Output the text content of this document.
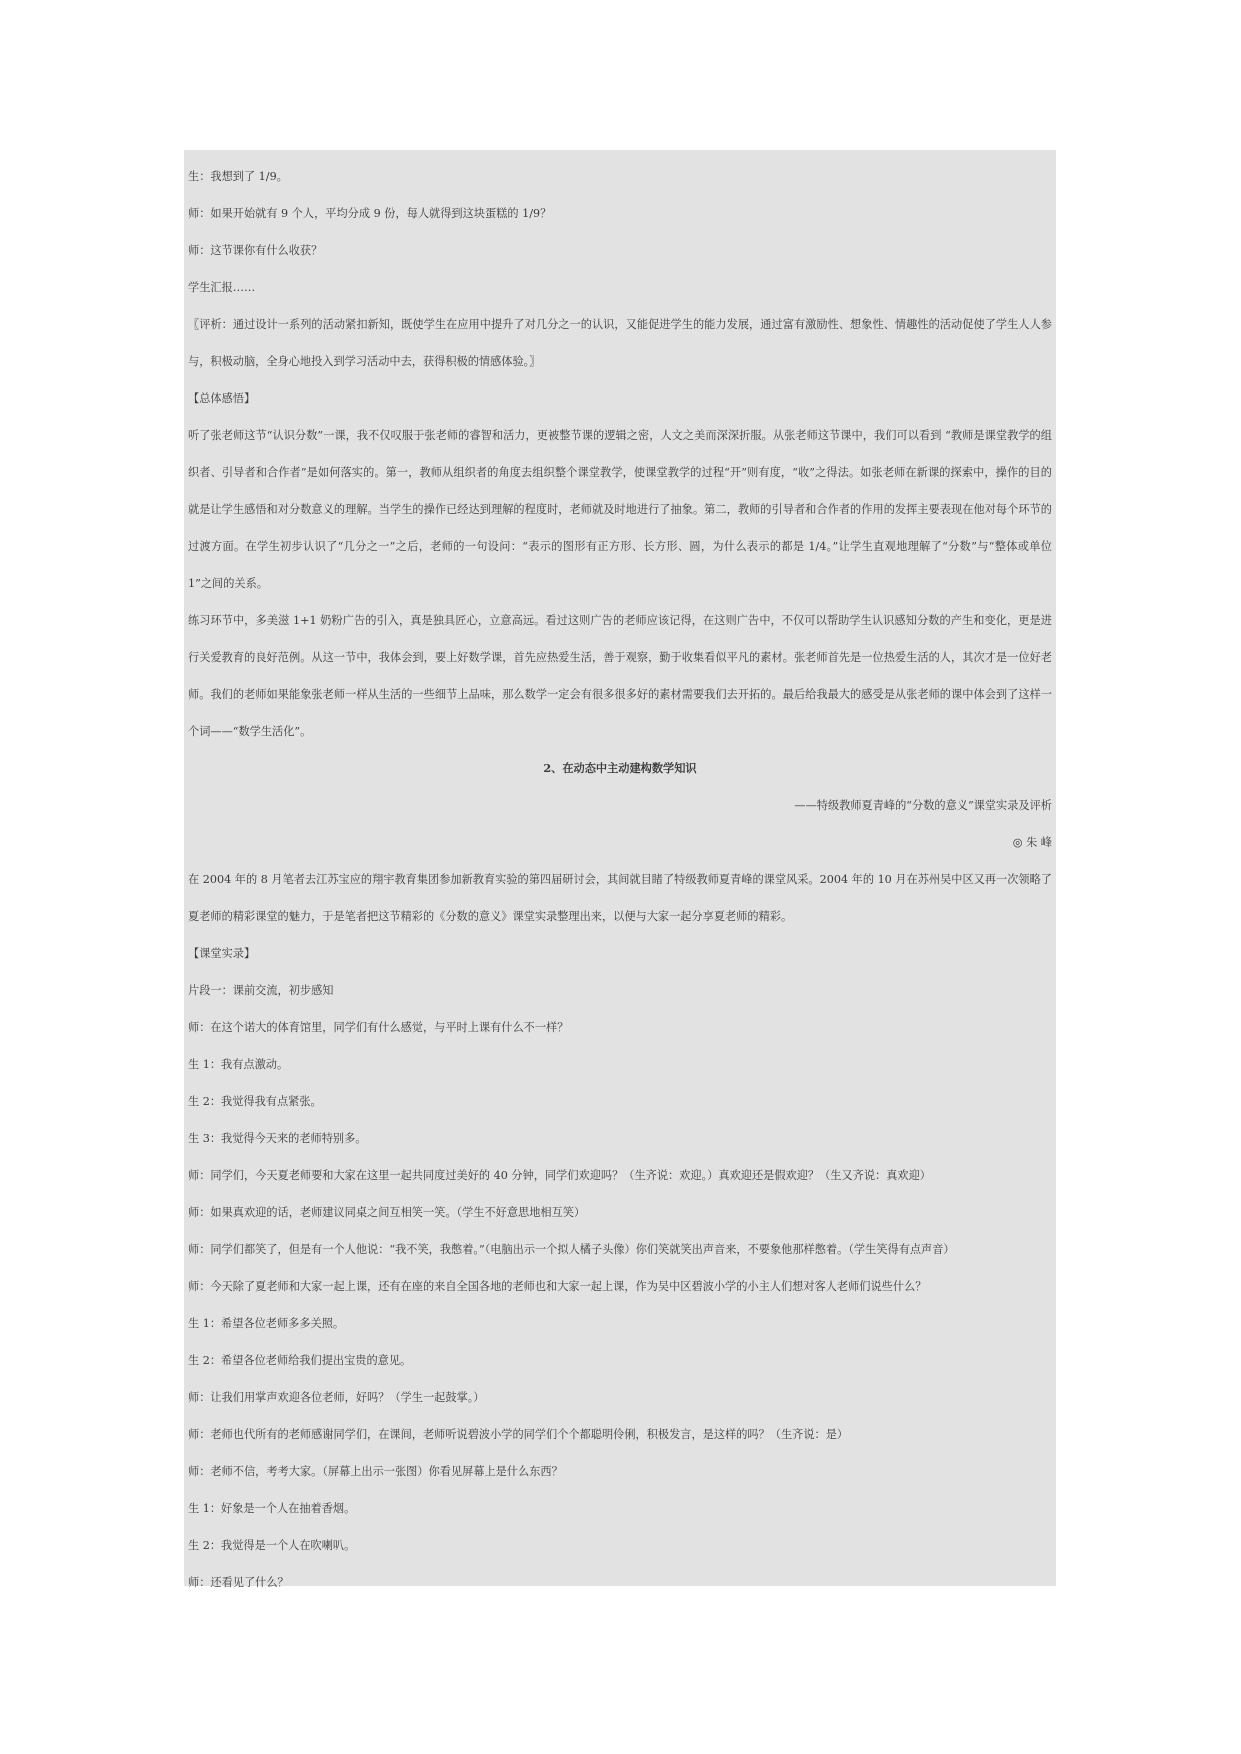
生：我想到了 1/9。

师：如果开始就有 9 个人，平均分成 9 份，每人就得到这块蛋糕的 1/9？

师：这节课你有什么收获？

学生汇报……

〖评析：通过设计一系列的活动紧扣新知，既使学生在应用中提升了对几分之一的认识，又能促进学生的能力发展，通过富有激励性、想象性、情趣性的活动促使了学生人人参与，积极动脑，全身心地投入到学习活动中去，获得积极的情感体验。〗

【总体感悟】

听了张老师这节“认识分数”一课，我不仅叹服于张老师的睿智和活力，更被整节课的逻辑之密，人文之美而深深折服。从张老师这节课中，我们可以看到 “教师是课堂教学的组织者、引导者和合作者”是如何落实的。第一，教师从组织者的角度去组织整个课堂教学，使课堂教学的过程“开”则有度，“收”之得法。如张老师在新课的探索中，操作的目的就是让学生感悟和对分数意义的理解。当学生的操作已经达到理解的程度时，老师就及时地进行了抽象。第二，教师的引导者和合作者的作用的发挥主要表现在他对每个环节的过渡方面。在学生初步认识了“几分之一”之后，老师的一句设问：“表示的图形有正方形、长方形、圆，为什么表示的都是 1/4。”让学生直观地理解了“分数”与“整体或单位 1”之间的关系。

练习环节中，多美滋 1+1 奶粉广告的引入，真是独具匠心，立意高远。看过这则广告的老师应该记得，在这则广告中，不仅可以帮助学生认识感知分数的产生和变化，更是进行关爱教育的良好范例。从这一节中，我体会到，要上好数学课，首先应热爱生活，善于观察，勤于收集看似平凡的素材。张老师首先是一位热爱生活的人，其次才是一位好老师。我们的老师如果能象张老师一样从生活的一些细节上品味，那么数学一定会有很多很多好的素材需要我们去开拓的。最后给我最大的感受是从张老师的课中体会到了这样一个词——“数学生活化”。

2、在动态中主动建构数学知识

——特级教师夏青峰的“分数的意义”课堂实录及评析

◎ 朱 峰

在 2004 年的 8 月笔者去江苏宝应的翔宇教育集团参加新教育实验的第四届研讨会，其间就目睹了特级教师夏青峰的课堂风采。2004 年的 10 月在苏州吴中区又再一次领略了夏老师的精彩课堂的魅力，于是笔者把这节精彩的《分数的意义》课堂实录整理出来，以便与大家一起分享夏老师的精彩。

【课堂实录】

片段一：课前交流，初步感知

师：在这个诺大的体育馆里，同学们有什么感觉，与平时上课有什么不一样？

生 1：我有点激动。

生 2：我觉得我有点紧张。

生 3：我觉得今天来的老师特别多。

师：同学们，今天夏老师要和大家在这里一起共同度过美好的 40 分钟，同学们欢迎吗？（生齐说：欢迎。）真欢迎还是假欢迎？（生又齐说：真欢迎）

师：如果真欢迎的话，老师建议同桌之间互相笑一笑。（学生不好意思地相互笑）

师：同学们都笑了，但是有一个人他说：“我不笑，我憋着。”（电脑出示一个拟人橘子头像）你们笑就笑出声音来，不要象他那样憋着。（学生笑得有点声音）

师：今天除了夏老师和大家一起上课，还有在座的来自全国各地的老师也和大家一起上课，作为吴中区碧波小学的小主人们想对客人老师们说些什么？

生 1：希望各位老师多多关照。

生 2：希望各位老师给我们提出宝贵的意见。

师：让我们用掌声欢迎各位老师，好吗？（学生一起鼓掌。）

师：老师也代所有的老师感谢同学们，在课间，老师听说碧波小学的同学们个个都聪明伶俐，积极发言，是这样的吗？（生齐说：是）

师：老师不信，考考大家。（屏幕上出示一张图）你看见屏幕上是什么东西？

生 1：好象是一个人在抽着香烟。

生 2：我觉得是一个人在吹喇叭。

师：还看见了什么？
